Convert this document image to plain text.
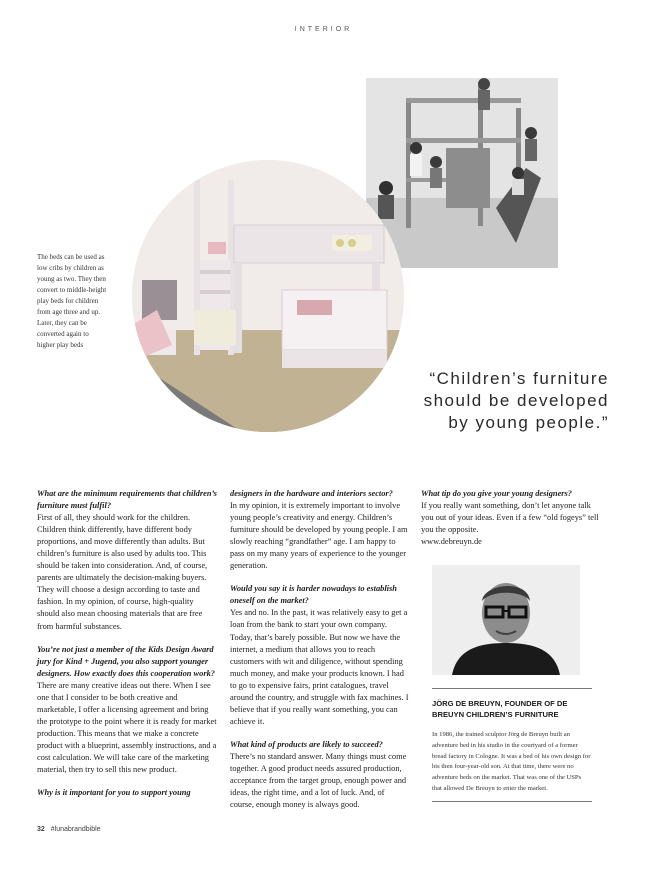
INTERIOR
The beds can be used as low cribs by children as young as two. They then convert to middle-height play beds for children from age three and up. Later, they can be converted again to higher play beds
“Children’s furniture
should be developed
by young people.”

What are the minimum requirements that children’s furniture must fulfil?

First of all, they should work for the children. Children think differently, have different body proportions, and move differently than adults. But children’s furniture is also used by adults too. This should be taken into consideration. And, of course, parents are ultimately the decision-making buyers. They will choose a design according to taste and fashion. In my opinion, of course, high-quality should also mean choosing materials that are free from harmful substances.

You’re not just a member of the Kids Design Award jury for Kind + Jugend, you also support younger designers. How exactly does this cooperation work?

There are many creative ideas out there. When I see one that I consider to be both creative and marketable, I offer a licensing agreement and bring the prototype to the point where it is ready for market production. This means that we make a concrete product with a blueprint, assembly instructions, and a cost calculation. We will take care of the marketing material, then try to sell this new product.

Why is it important for you to support young

designers in the hardware and interiors sector?

In my opinion, it is extremely important to involve young people’s creativity and energy. Children’s furniture should be developed by young people. I am slowly reaching “grandfather” age. I am happy to pass on my many years of experience to the younger generation.

Would you say it is harder nowadays to establish oneself on the market?

Yes and no. In the past, it was relatively easy to get a loan from the bank to start your own company. Today, that’s barely possible. But now we have the internet, a medium that allows you to reach customers with wit and diligence, without spending much money, and make your products known. I had to go to expensive fairs, print catalogues, travel around the country, and struggle with fax machines. I believe that if you really want something, you can achieve it.

What kind of products are likely to succeed?

There’s no standard answer. Many things must come together. A good product needs assured production, acceptance from the target group, enough power and ideas, the right time, and a lot of luck. And, of course, enough money is always good.

What tip do you give your young designers?

If you really want something, don’t let anyone talk you out of your ideas. Even if a few “old fogeys” tell you the opposite.

www.debreuyn.de

JÖRG DE BREUYN, FOUNDER OF DE BREUYN CHILDREN’S FURNITURE
In 1986, the trained sculptor Jörg de Breuyn built an adventure bed in his studio in the courtyard of a former bread factory in Cologne. It was a bed of his own design for his then four-year-old son. At that time, there were no adventure beds on the market. That was one of the USPs that allowed De Breuyn to enter the market.
32 #lunabrandbible
